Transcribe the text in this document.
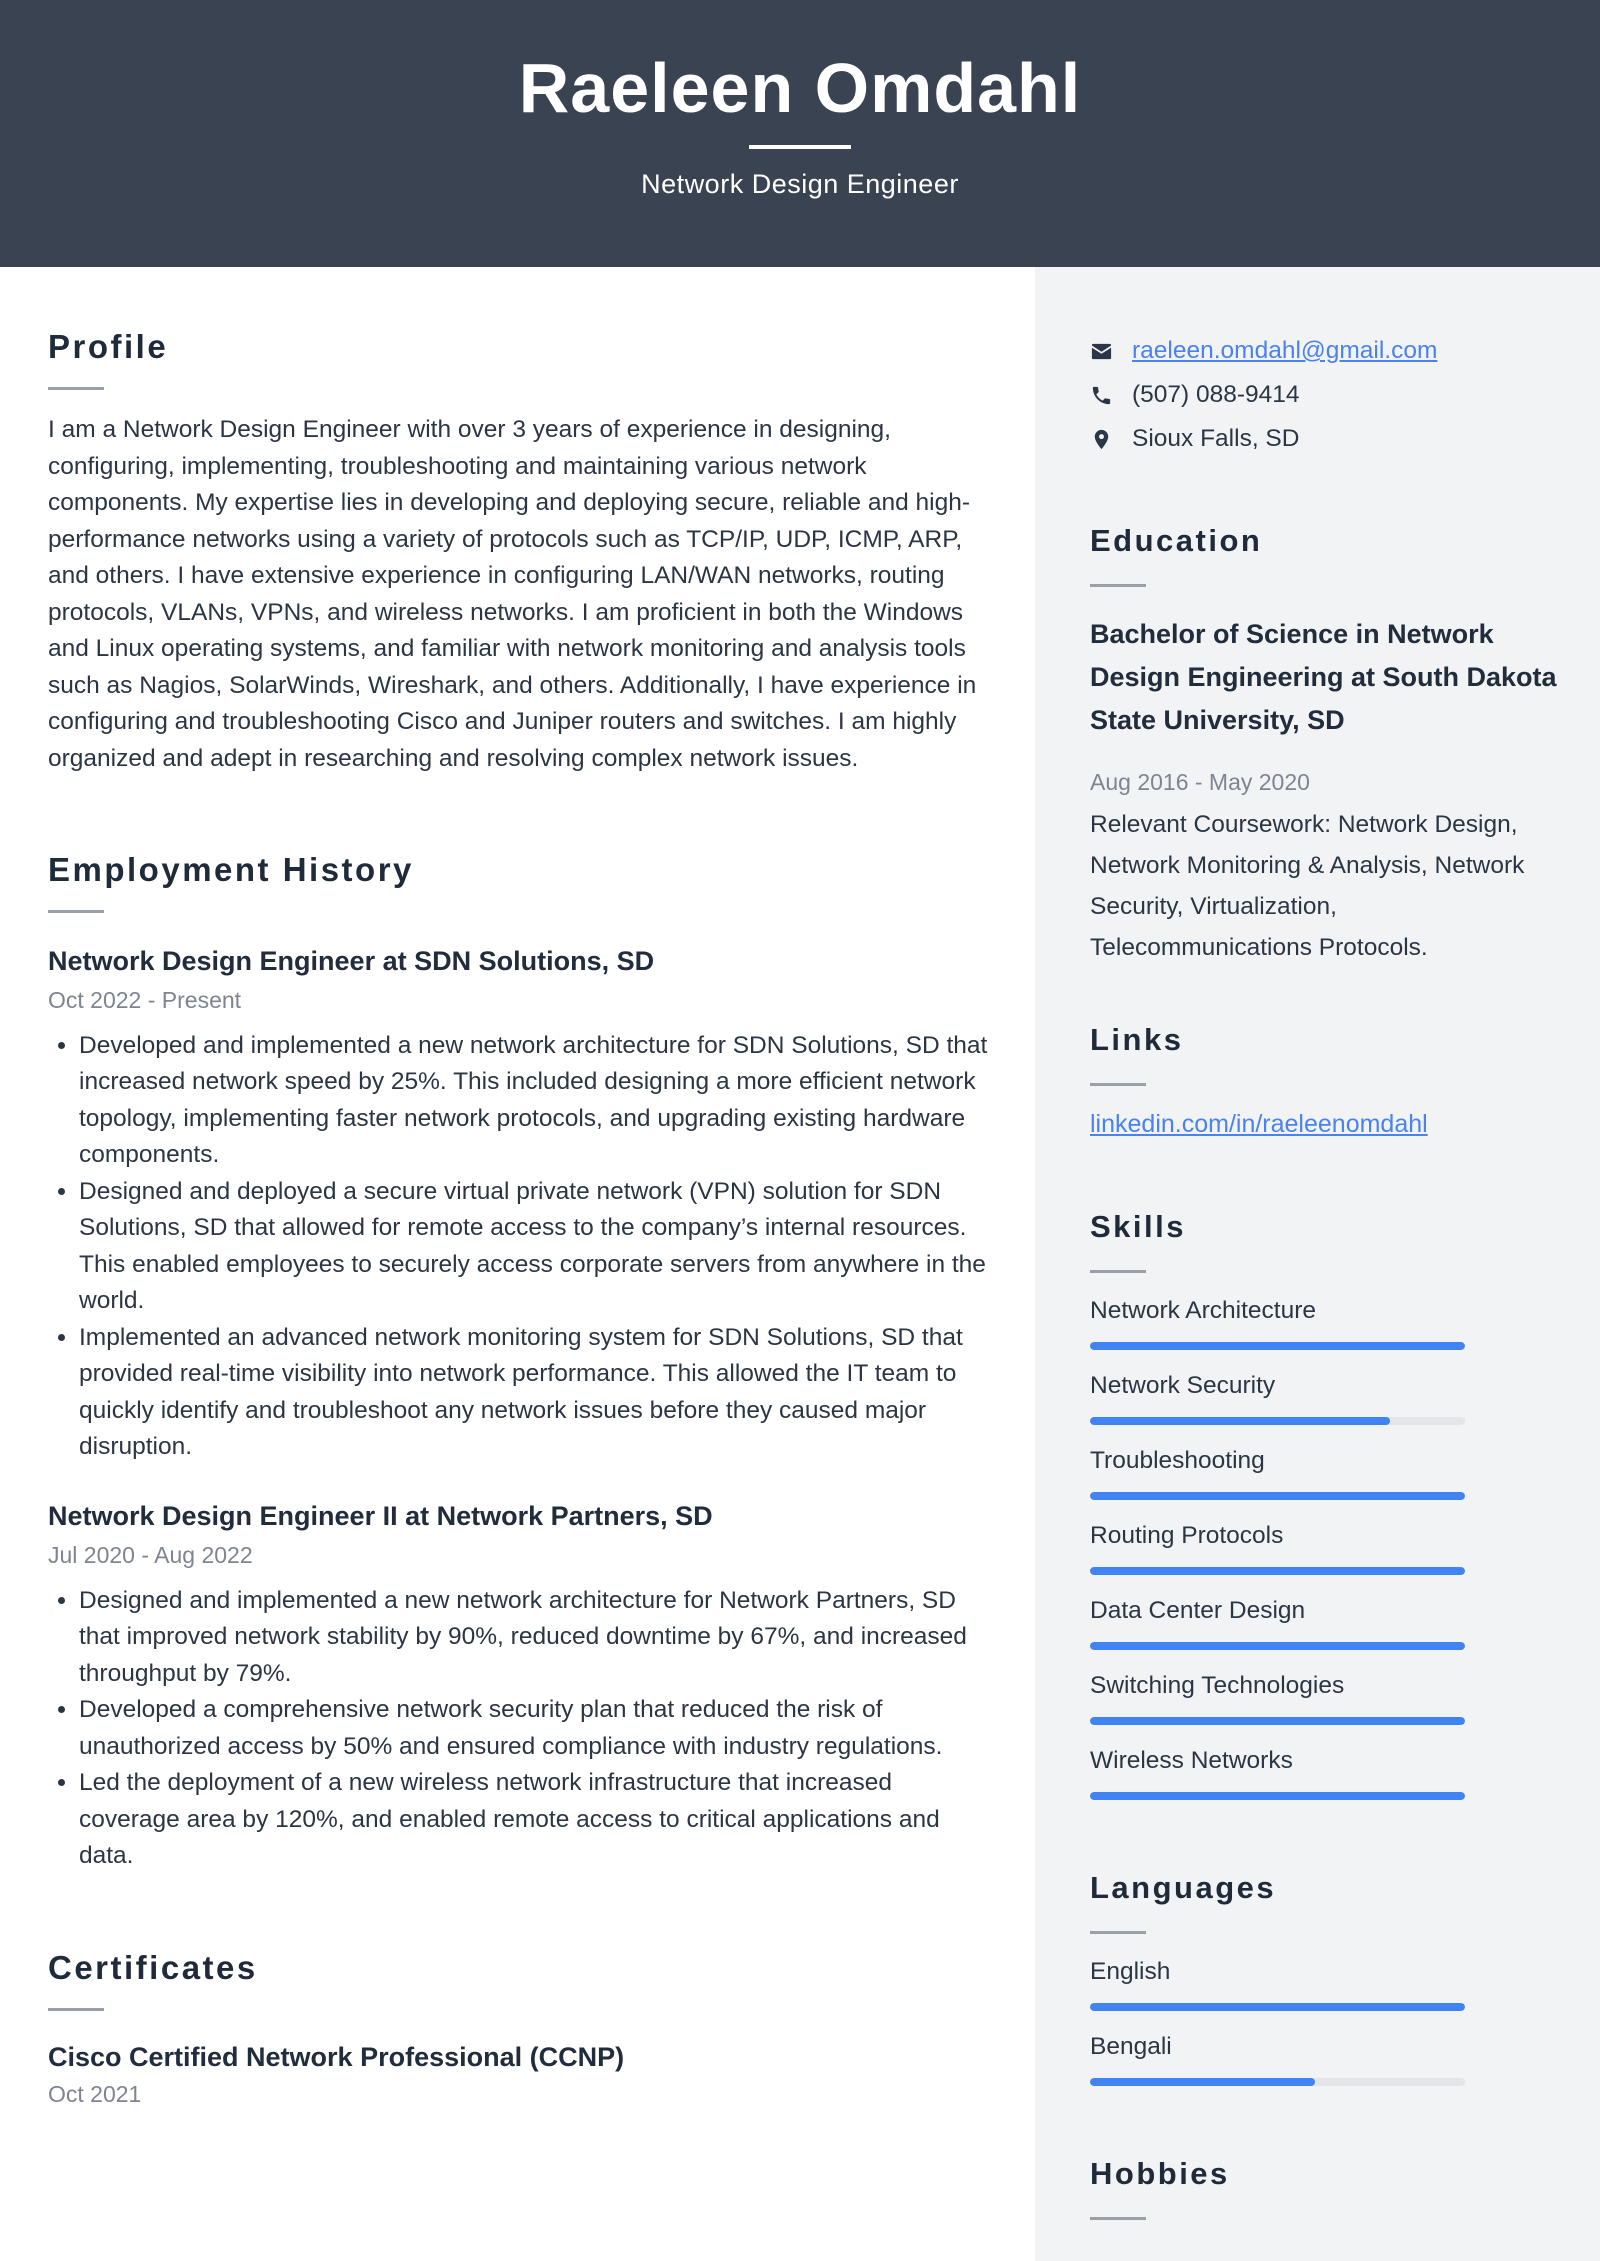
Raeleen Omdahl
Network Design Engineer
Profile

I am a Network Design Engineer with over 3 years of experience in designing, configuring, implementing, troubleshooting and maintaining various network components. My expertise lies in developing and deploying secure, reliable and high-performance networks using a variety of protocols such as TCP/IP, UDP, ICMP, ARP, and others. I have extensive experience in configuring LAN/WAN networks, routing protocols, VLANs, VPNs, and wireless networks. I am proficient in both the Windows and Linux operating systems, and familiar with network monitoring and analysis tools such as Nagios, SolarWinds, Wireshark, and others. Additionally, I have experience in configuring and troubleshooting Cisco and Juniper routers and switches. I am highly organized and adept in researching and resolving complex network issues.

Employment History
Network Design Engineer at SDN Solutions, SD
Oct 2022 - Present
• Developed and implemented a new network architecture for SDN Solutions, SD that increased network speed by 25%. This included designing a more efficient network topology, implementing faster network protocols, and upgrading existing hardware components.
• Designed and deployed a secure virtual private network (VPN) solution for SDN Solutions, SD that allowed for remote access to the company’s internal resources. This enabled employees to securely access corporate servers from anywhere in the world.
• Implemented an advanced network monitoring system for SDN Solutions, SD that provided real-time visibility into network performance. This allowed the IT team to quickly identify and troubleshoot any network issues before they caused major disruption.
Network Design Engineer II at Network Partners, SD
Jul 2020 - Aug 2022
• Designed and implemented a new network architecture for Network Partners, SD that improved network stability by 90%, reduced downtime by 67%, and increased throughput by 79%.
• Developed a comprehensive network security plan that reduced the risk of unauthorized access by 50% and ensured compliance with industry regulations.
• Led the deployment of a new wireless network infrastructure that increased coverage area by 120%, and enabled remote access to critical applications and data.
Certificates
Cisco Certified Network Professional (CCNP)
Oct 2021
raeleen.omdahl@gmail.com
(507) 088-9414
Sioux Falls, SD
Education
Bachelor of Science in Network Design Engineering at South Dakota State University, SD
Aug 2016 - May 2020

Relevant Coursework: Network Design, Network Monitoring & Analysis, Network Security, Virtualization, Telecommunications Protocols.

Links
linkedin.com/in/raeleenomdahl
Skills
Network Architecture
Network Security
Troubleshooting
Routing Protocols
Data Center Design
Switching Technologies
Wireless Networks
Languages
English
Bengali
Hobbies
